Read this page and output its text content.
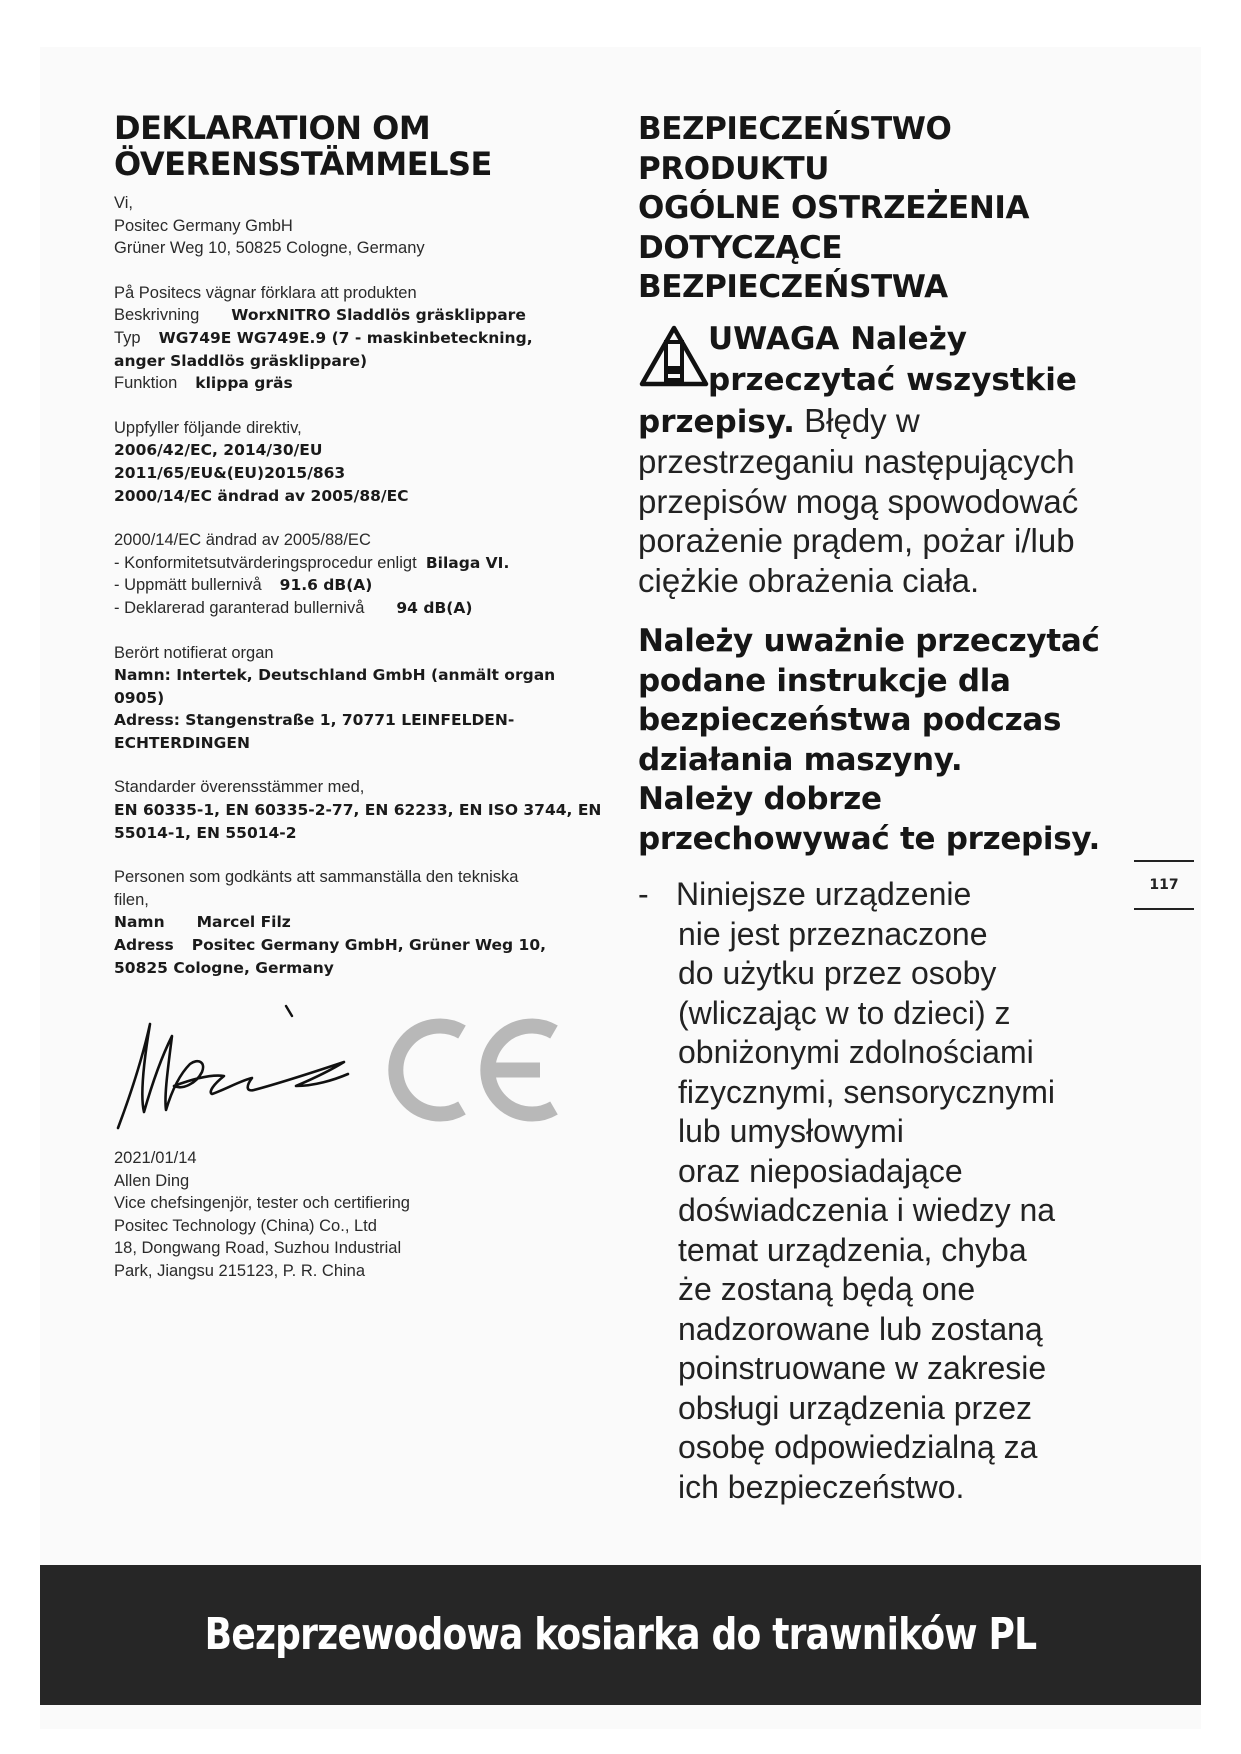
DEKLARATION OM
ÖVERENSSTÄMMELSE

Vi,

Positec Germany GmbH

Grüner Weg 10, 50825 Cologne, Germany

På Positecs vägnar förklara att produkten

Beskrivning WorxNITRO Sladdlös gräsklippare

Typ WG749E WG749E.9 (7 - maskinbeteckning,

anger Sladdlös gräsklippare)

Funktion klippa gräs

Uppfyller följande direktiv,

2006/42/EC, 2014/30/EU

2011/65/EU&(EU)2015/863

2000/14/EC ändrad av 2005/88/EC

2000/14/EC ändrad av 2005/88/EC

- Konformitetsutvärderingsprocedur enligt Bilaga VI.

- Uppmätt bullernivå 91.6 dB(A)

- Deklarerad garanterad bullernivå 94 dB(A)

Berört notifierat organ

Namn: Intertek, Deutschland GmbH (anmält organ

0905)

Adress: Stangenstraße 1, 70771 LEINFELDEN-

ECHTERDINGEN

Standarder överensstämmer med,

EN 60335-1, EN 60335-2-77, EN 62233, EN ISO 3744, EN

55014-1, EN 55014-2

Personen som godkänts att sammanställa den tekniska

filen,

Namn Marcel Filz

Adress Positec Germany GmbH, Grüner Weg 10,

50825 Cologne, Germany

2021/01/14

Allen Ding

Vice chefsingenjör, tester och certifiering

Positec Technology (China) Co., Ltd

18, Dongwang Road, Suzhou Industrial

Park, Jiangsu 215123, P. R. China

BEZPIECZEŃSTWO
PRODUKTU
OGÓLNE OSTRZEŻENIA
DOTYCZĄCE
BEZPIECZEŃSTWA
UWAGA Należy
przeczytać wszystkie
przepisy. Błędy w
przestrzeganiu następujących
przepisów mogą spowodować
porażenie prądem, pożar i/lub
ciężkie obrażenia ciała.
Należy uważnie przeczytać
podane instrukcje dla
bezpieczeństwa podczas
działania maszyny.
Należy dobrze
przechowywać te przepisy.
- Niniejsze urządzenie
nie jest przeznaczone
do użytku przez osoby
(wliczając w to dzieci) z
obniżonymi zdolnościami
fizycznymi, sensorycznymi
lub umysłowymi
oraz nieposiadające
doświadczenia i wiedzy na
temat urządzenia, chyba
że zostaną będą one
nadzorowane lub zostaną
poinstruowane w zakresie
obsługi urządzenia przez
osobę odpowiedzialną za
ich bezpieczeństwo.
117
Bezprzewodowa kosiarka do trawników PL
